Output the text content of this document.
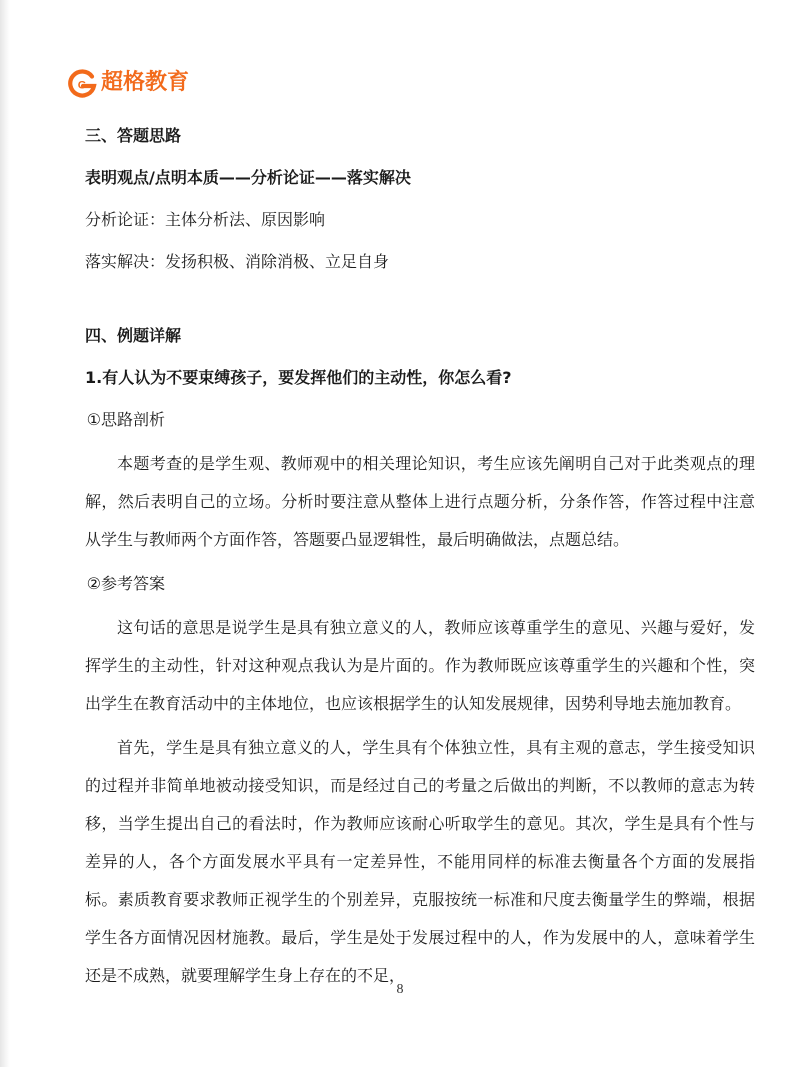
G 超格教育

三、答题思路

表明观点/点明本质——分析论证——落实解决

分析论证：主体分析法、原因影响

落实解决：发扬积极、消除消极、立足自身

四、例题详解

1.有人认为不要束缚孩子，要发挥他们的主动性，你怎么看?

①思路剖析

本题考查的是学生观、教师观中的相关理论知识，考生应该先阐明自己对于此类观点的理解，然后表明自己的立场。分析时要注意从整体上进行点题分析，分条作答，作答过程中注意从学生与教师两个方面作答，答题要凸显逻辑性，最后明确做法，点题总结。

②参考答案

这句话的意思是说学生是具有独立意义的人，教师应该尊重学生的意见、兴趣与爱好，发挥学生的主动性，针对这种观点我认为是片面的。作为教师既应该尊重学生的兴趣和个性，突出学生在教育活动中的主体地位，也应该根据学生的认知发展规律，因势利导地去施加教育。

首先，学生是具有独立意义的人，学生具有个体独立性，具有主观的意志，学生接受知识的过程并非简单地被动接受知识，而是经过自己的考量之后做出的判断，不以教师的意志为转移，当学生提出自己的看法时，作为教师应该耐心听取学生的意见。其次，学生是具有个性与差异的人，各个方面发展水平具有一定差异性，不能用同样的标准去衡量各个方面的发展指标。素质教育要求教师正视学生的个别差异，克服按统一标准和尺度去衡量学生的弊端，根据学生各方面情况因材施教。最后，学生是处于发展过程中的人，作为发展中的人，意味着学生还是不成熟，就要理解学生身上存在的不足，

8
